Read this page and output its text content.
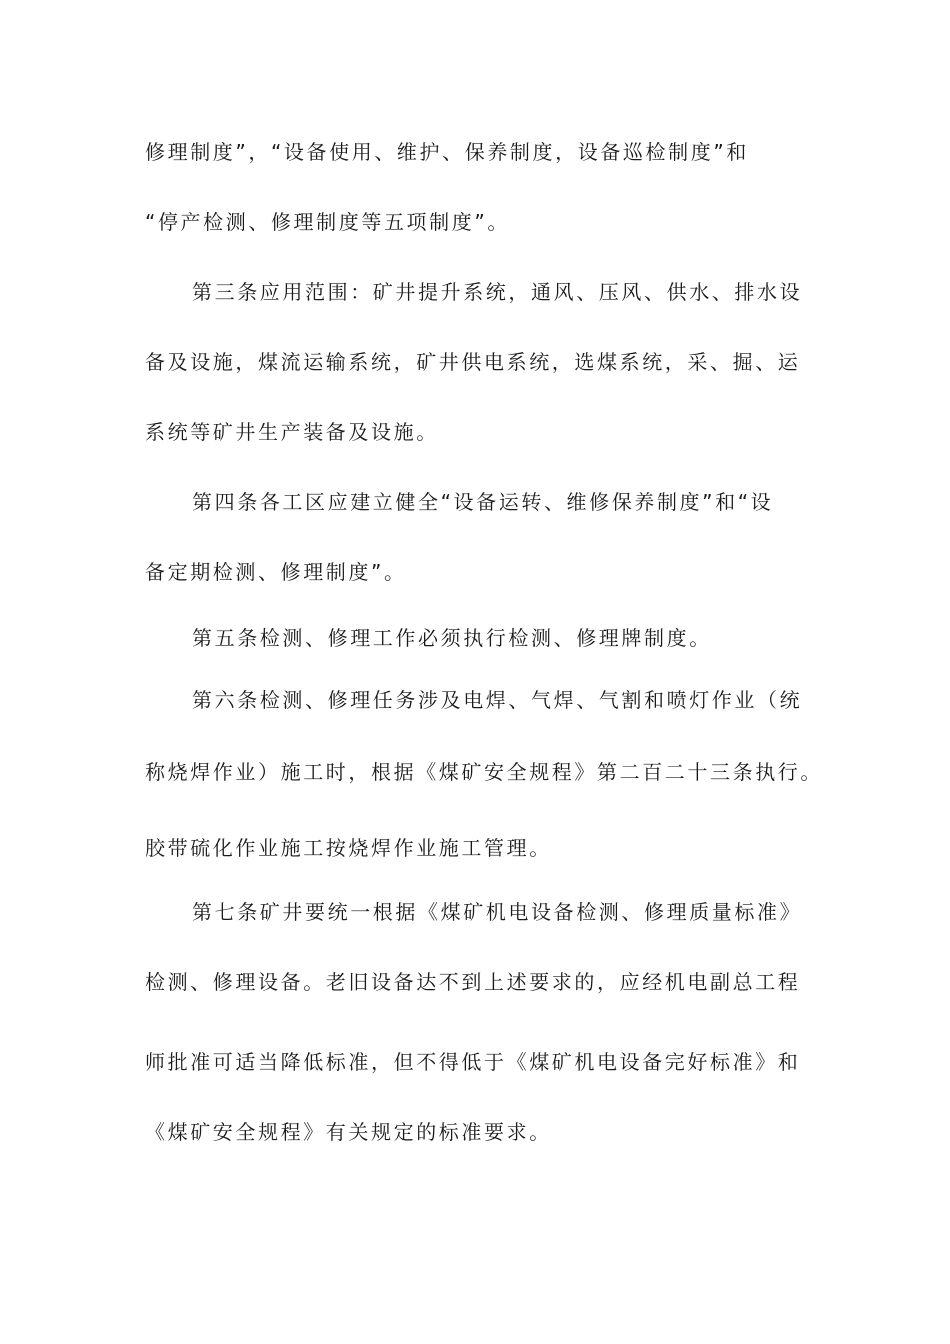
修理制度”，“设备使用、维护、保养制度，设备巡检制度”和
“停产检测、修理制度等五项制度”。
第三条应用范围：矿井提升系统，通风、压风、供水、排水设
备及设施，煤流运输系统，矿井供电系统，选煤系统，采、掘、运
系统等矿井生产装备及设施。
第四条各工区应建立健全“设备运转、维修保养制度”和“设
备定期检测、修理制度”。
第五条检测、修理工作必须执行检测、修理牌制度。
第六条检测、修理任务涉及电焊、气焊、气割和喷灯作业（统
称烧焊作业）施工时，根据《煤矿安全规程》第二百二十三条执行。
胶带硫化作业施工按烧焊作业施工管理。
第七条矿井要统一根据《煤矿机电设备检测、修理质量标准》
检测、修理设备。老旧设备达不到上述要求的，应经机电副总工程
师批准可适当降低标准，但不得低于《煤矿机电设备完好标准》和
《煤矿安全规程》有关规定的标准要求。
